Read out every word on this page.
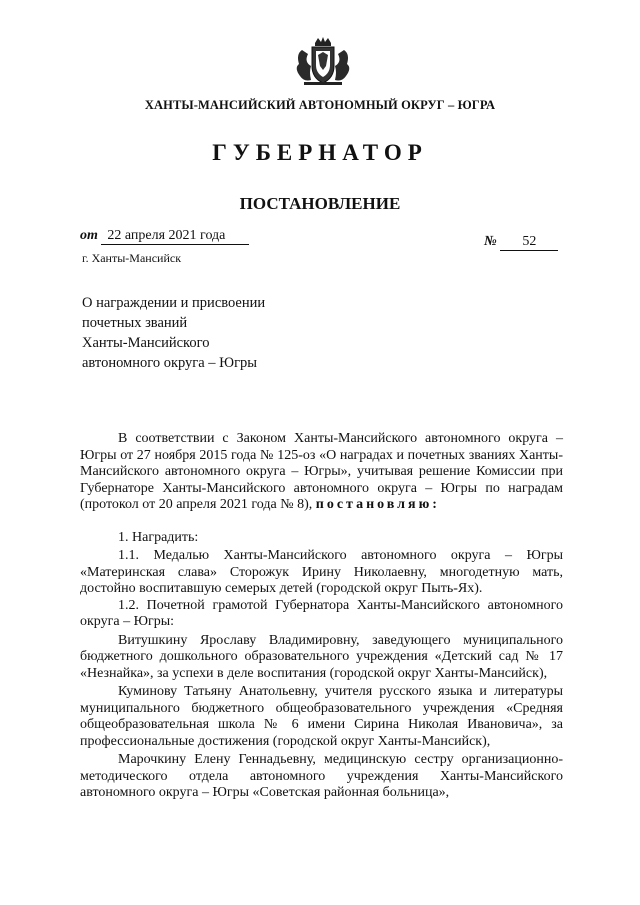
ХАНТЫ-МАНСИЙСКИЙ АВТОНОМНЫЙ ОКРУГ – ЮГРА
ГУБЕРНАТОР
ПОСТАНОВЛЕНИЕ
от 22 апреля 2021 года	№ 52
г. Ханты-Мансийск
О награждении и присвоении
почетных званий
Ханты-Мансийского
автономного округа – Югры

В соответствии с Законом Ханты-Мансийского автономного округа – Югры от 27 ноября 2015 года № 125-оз «О наградах и почетных званиях Ханты-Мансийского автономного округа – Югры», учитывая решение Комиссии при Губернаторе Ханты-Мансийского автономного округа – Югры по наградам (протокол от 20 апреля 2021 года № 8), постановляю:

1. Наградить:

1.1. Медалью Ханты-Мансийского автономного округа – Югры «Материнская слава» Сторожук Ирину Николаевну, многодетную мать, достойно воспитавшую семерых детей (городской округ Пыть-Ях).

1.2. Почетной грамотой Губернатора Ханты-Мансийского автономного округа – Югры:

Витушкину Ярославу Владимировну, заведующего муниципального бюджетного дошкольного образовательного учреждения «Детский сад № 17 «Незнайка», за успехи в деле воспитания (городской округ Ханты-Мансийск),

Куминову Татьяну Анатольевну, учителя русского языка и литературы муниципального бюджетного общеобразовательного учреждения «Средняя общеобразовательная школа № 6 имени Сирина Николая Ивановича», за профессиональные достижения (городской округ Ханты-Мансийск),

Марочкину Елену Геннадьевну, медицинскую сестру организационно-методического отдела автономного учреждения Ханты-Мансийского автономного округа – Югры «Советская районная больница»,
